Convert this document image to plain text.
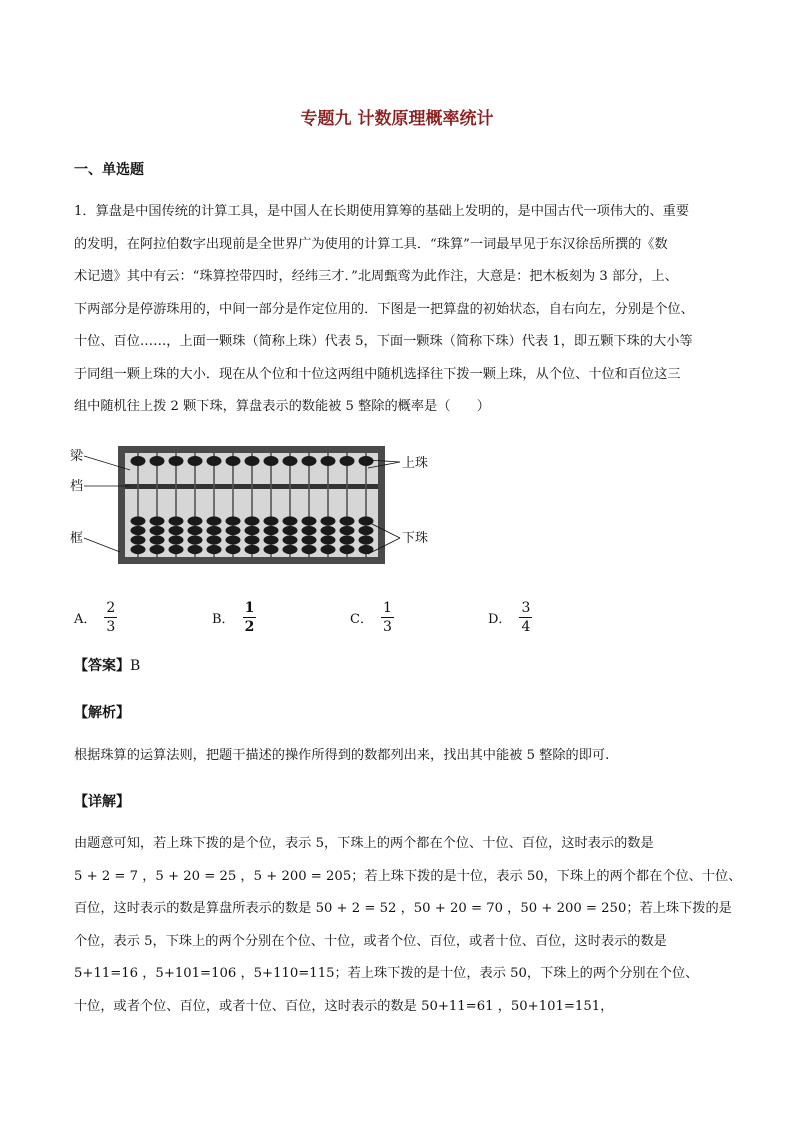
专题九 计数原理概率统计
一、单选题
1．算盘是中国传统的计算工具，是中国人在长期使用算筹的基础上发明的，是中国古代一项伟大的、重要
的发明，在阿拉伯数字出现前是全世界广为使用的计算工具．“珠算”一词最早见于东汉徐岳所撰的《数
术记遗》其中有云：“珠算控带四时，经纬三才．”北周甄鸾为此作注，大意是：把木板刻为 3 部分，上、
下两部分是停游珠用的，中间一部分是作定位用的．下图是一把算盘的初始状态，自右向左，分别是个位、
十位、百位……，上面一颗珠（简称上珠）代表 5，下面一颗珠（简称下珠）代表 1，即五颗下珠的大小等
于同组一颗上珠的大小．现在从个位和十位这两组中随机选择往下拨一颗上珠，从个位、十位和百位这三
组中随机往上拨 2 颗下珠，算盘表示的数能被 5 整除的概率是（　　）
梁
档
框
上珠
下珠
A． $\frac{2}{3}$	B． $\frac{1}{2}$	C． $\frac{1}{3}$	D． $\frac{3}{4}$
【答案】B
【解析】
根据珠算的运算法则，把题干描述的操作所得到的数都列出来，找出其中能被 5 整除的即可.
【详解】
由题意可知，若上珠下拨的是个位，表示 5，下珠上的两个都在个位、十位、百位，这时表示的数是
5 + 2 = 7 ，5 + 20 = 25 ，5 + 200 = 205；若上珠下拨的是十位，表示 50，下珠上的两个都在个位、十位、
百位，这时表示的数是算盘所表示的数是 50 + 2 = 52 ，50 + 20 = 70 ，50 + 200 = 250；若上珠下拨的是
个位，表示 5，下珠上的两个分别在个位、十位，或者个位、百位，或者十位、百位，这时表示的数是
5+11=16 ，5+101=106 ，5+110=115；若上珠下拨的是十位，表示 50，下珠上的两个分别在个位、
十位，或者个位、百位，或者十位、百位，这时表示的数是 50+11=61 ，50+101=151，
